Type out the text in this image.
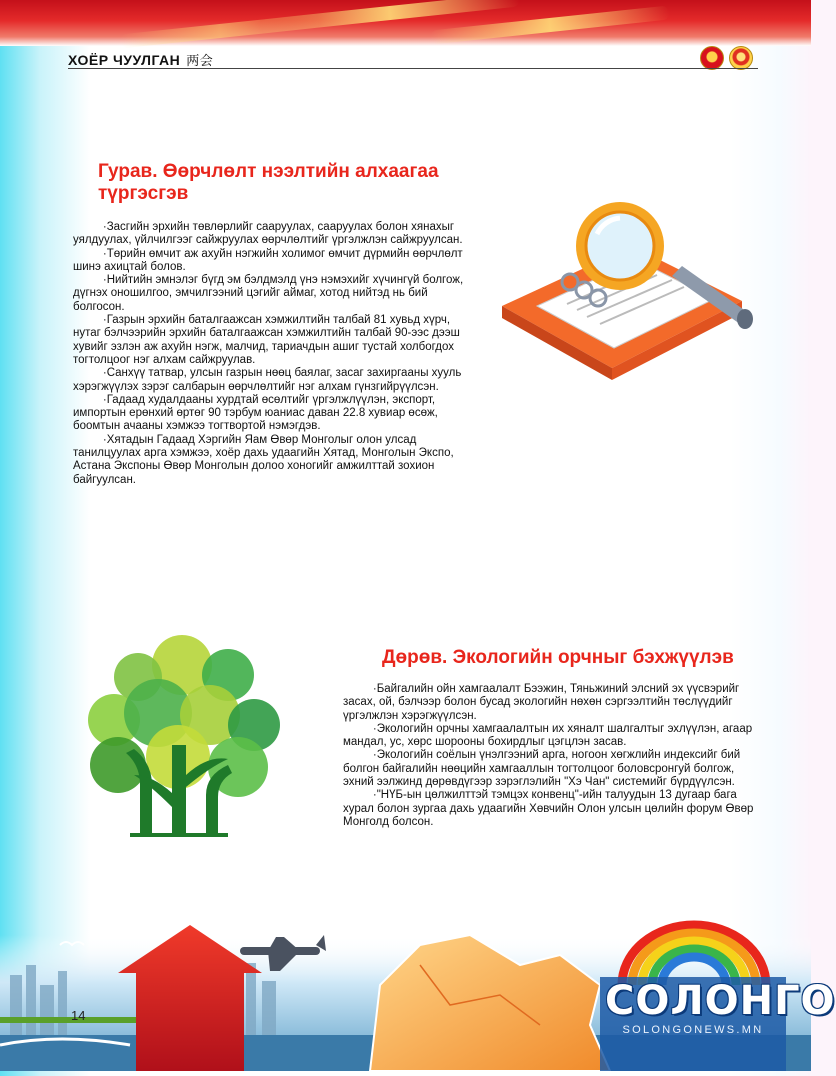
ХОЁР ЧУУЛГАН 两会
Гурав. Өөрчлөлт нээлтийн алхаагаа түргэсгэв

·Засгийн эрхийн төвлөрлийг сааруулах, сааруулах болон хянахыг уялдуулах, үйлчилгээг сайжруулах өөрчлөлтийг үргэлжлэн сайжруулсан.

·Төрийн өмчит аж ахуйн нэгжийн холимог өмчит дүрмийн өөрчлөлт шинэ ахицтай болов.

·Нийтийн эмнэлэг бүгд эм бэлдмэлд үнэ нэмэхийг хүчингүй болгож, дүгнэх оношилгоо, эмчилгээний цэгийг аймаг, хотод нийтэд нь бий болгосон.

·Газрын эрхийн баталгаажсан хэмжилтийн талбай 81 хувьд хүрч, нутаг бэлчээрийн эрхийн баталгаажсан хэмжилтийн талбай 90-ээс дээш хувийг эзлэн аж ахуйн нэгж, малчид, тариачдын ашиг тустай холбогдох тогтолцоог нэг алхам сайжруулав.

·Санхүү татвар, улсын газрын нөөц баялаг, засаг захиргааны хууль хэрэгжүүлэх зэрэг салбарын өөрчлөлтийг нэг алхам гүнзгийрүүлсэн.

·Гадаад худалдааны хурдтай өсөлтийг үргэлжлүүлэн, экспорт, импортын ерөнхий өртөг 90 тэрбум юаниас даван 22.8 хувиар өсөж, боомтын ачааны хэмжээ тогтвортой нэмэгдэв.

·Хятадын Гадаад Хэргийн Яам Өвөр Монголыг олон улсад танилцуулах арга хэмжээ, хоёр дахь удаагийн Хятад, Монголын Экспо, Астана Экспоны Өвөр Монголын долоо хоногийг амжилттай зохион байгуулсан.

Дөрөв. Экологийн орчныг бэхжүүлэв

·Байгалийн ойн хамгаалалт Бээжин, Тяньжиний элсний эх үүсвэрийг засах, ой, бэлчээр болон бусад экологийн нөхөн сэргээлтийн төслүүдийг үргэлжлэн хэрэгжүүлсэн.

·Экологийн орчны хамгаалалтын их хяналт шалгалтыг эхлүүлэн, агаар мандал, ус, хөрс шорооны бохирдлыг цэгцлэн засав.

·Экологийн соёлын үнэлгээний арга, ногоон хөгжлийн индексийг бий болгон байгалийн нөөцийн хамгааллын тогтолцоог боловсронгуй болгож, эхний ээлжинд дөрөвдүгээр зэрэглэлийн "Хэ Чан" системийг бүрдүүлсэн.

·"НҮБ-ын цөлжилттэй тэмцэх конвенц"-ийн талуудын 13 дугаар бага хурал болон зургаа дахь удаагийн Хөвчийн Олон улсын цөлийн форум Өвөр Монголд болсон.

14	СОЛОНГО
SOLONGONEWS.MN
